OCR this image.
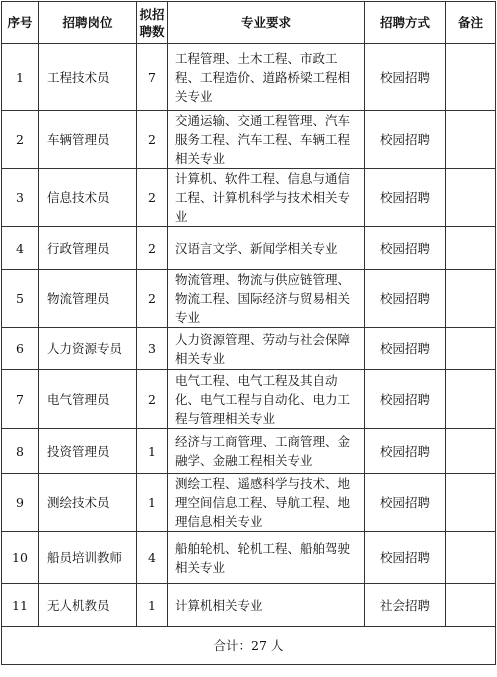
序号	招聘岗位	拟招聘数	专业要求	招聘方式	备注
1	工程技术员	7	工程管理、土木工程、市政工程、工程造价、道路桥梁工程相关专业	校园招聘	
2	车辆管理员	2	交通运输、交通工程管理、汽车服务工程、汽车工程、车辆工程相关专业	校园招聘	
3	信息技术员	2	计算机、软件工程、信息与通信工程、计算机科学与技术相关专业	校园招聘	
4	行政管理员	2	汉语言文学、新闻学相关专业	校园招聘	
5	物流管理员	2	物流管理、物流与供应链管理、物流工程、国际经济与贸易相关专业	校园招聘	
6	人力资源专员	3	人力资源管理、劳动与社会保障相关专业	校园招聘	
7	电气管理员	2	电气工程、电气工程及其自动化、电气工程与自动化、电力工程与管理相关专业	校园招聘	
8	投资管理员	1	经济与工商管理、工商管理、金融学、金融工程相关专业	校园招聘	
9	测绘技术员	1	测绘工程、遥感科学与技术、地理空间信息工程、导航工程、地理信息相关专业	校园招聘	
10	船员培训教师	4	船舶轮机、轮机工程、船舶驾驶相关专业	校园招聘	
11	无人机教员	1	计算机相关专业	社会招聘	
合计：27 人					
